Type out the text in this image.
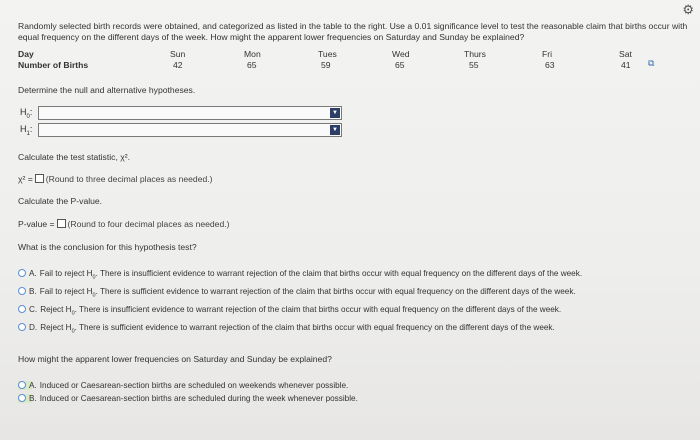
⚙
Randomly selected birth records were obtained, and categorized as listed in the table to the right. Use a 0.01 significance level to test the reasonable claim that births occur with equal frequency on the different days of the week. How might the apparent lower frequencies on Saturday and Sunday be explained?
Day	Sun	Mon	Tues	Wed	Thurs	Fri	Sat
Number of Births	42	65	59	65	55	63	41 ⧉
Determine the null and alternative hypotheses.
$H_0$:	▼
$H_1$:	▼
Calculate the test statistic, χ².
χ² = (Round to three decimal places as needed.)
Calculate the P-value.
P-value = (Round to four decimal places as needed.)
What is the conclusion for this hypothesis test?
A. Fail to reject $H_0$. There is insufficient evidence to warrant rejection of the claim that births occur with equal frequency on the different days of the week.
B. Fail to reject $H_0$. There is sufficient evidence to warrant rejection of the claim that births occur with equal frequency on the different days of the week.
C. Reject $H_0$. There is insufficient evidence to warrant rejection of the claim that births occur with equal frequency on the different days of the week.
D. Reject $H_0$. There is sufficient evidence to warrant rejection of the claim that births occur with equal frequency on the different days of the week.
How might the apparent lower frequencies on Saturday and Sunday be explained?
A. Induced or Caesarean-section births are scheduled on weekends whenever possible.
B. Induced or Caesarean-section births are scheduled during the week whenever possible.
